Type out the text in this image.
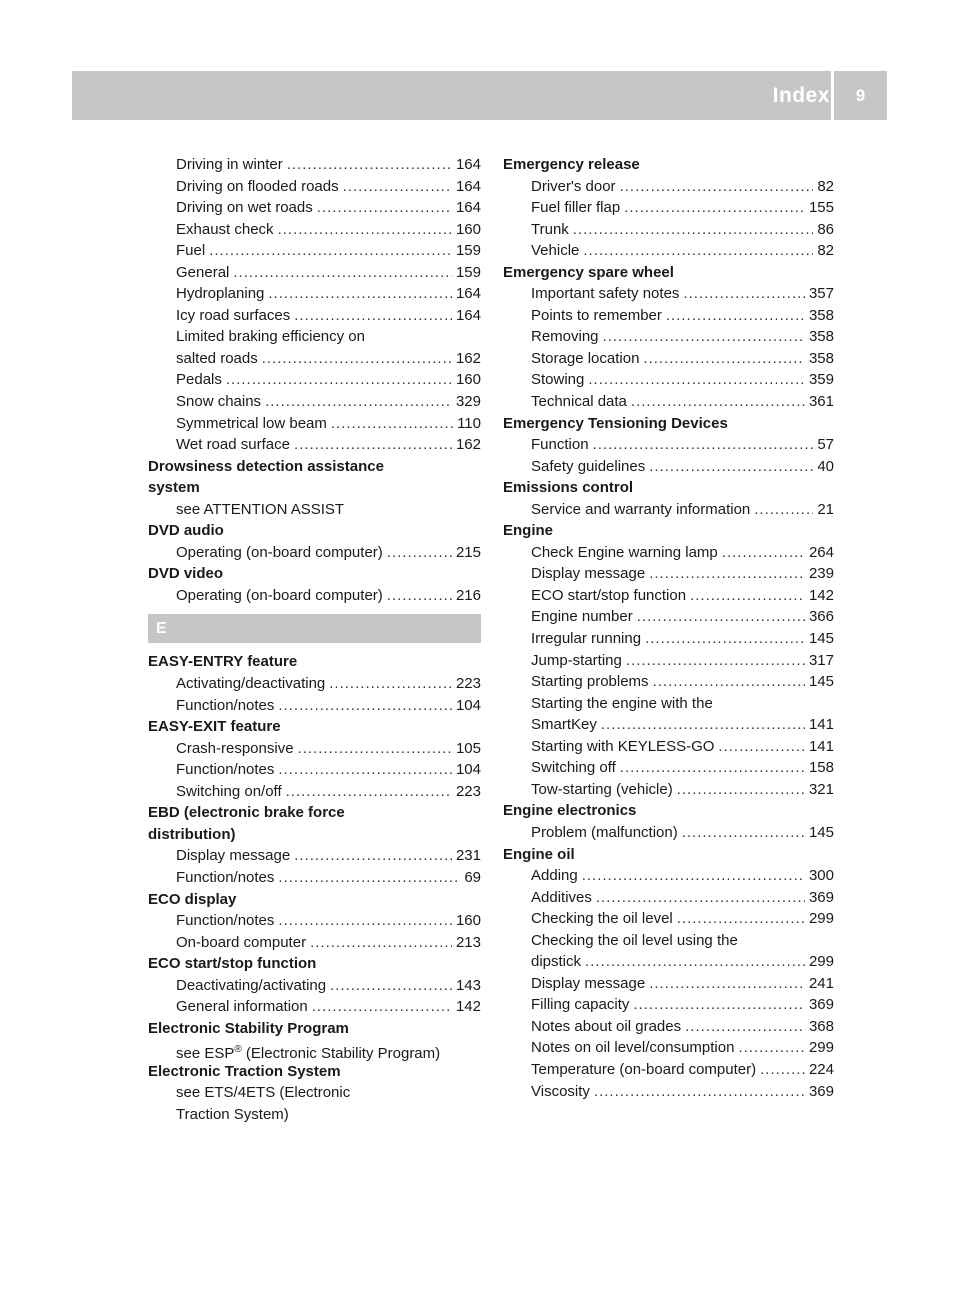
Index	9
Driving in winter .....	164
Driving on flooded roads .....	164
Driving on wet roads .....	164
Exhaust check .....	160
Fuel .....	159
General .....	159
Hydroplaning .....	164
Icy road surfaces .....	164
Limited braking efficiency on
salted roads .....	162
Pedals .....	160
Snow chains .....	329
Symmetrical low beam .....	110
Wet road surface .....	162
Drowsiness detection assistance
system
see ATTENTION ASSIST
DVD audio
Operating (on-board computer) .....	215
DVD video
Operating (on-board computer) .....	216
E
EASY-ENTRY feature
Activating/deactivating .....	223
Function/notes .....	104
EASY-EXIT feature
Crash-responsive .....	105
Function/notes .....	104
Switching on/off .....	223
EBD (electronic brake force
distribution)
Display message .....	231
Function/notes .....	69
ECO display
Function/notes .....	160
On-board computer .....	213
ECO start/stop function
Deactivating/activating .....	143
General information .....	142
Electronic Stability Program
see ESP® (Electronic Stability Program)
Electronic Traction System
see ETS/4ETS (Electronic
Traction System)
Emergency release
Driver's door .....	82
Fuel filler flap .....	155
Trunk .....	86
Vehicle .....	82
Emergency spare wheel
Important safety notes .....	357
Points to remember .....	358
Removing .....	358
Storage location .....	358
Stowing .....	359
Technical data .....	361
Emergency Tensioning Devices
Function .....	57
Safety guidelines .....	40
Emissions control
Service and warranty information .....	21
Engine
Check Engine warning lamp .....	264
Display message .....	239
ECO start/stop function .....	142
Engine number .....	366
Irregular running .....	145
Jump-starting .....	317
Starting problems .....	145
Starting the engine with the
SmartKey .....	141
Starting with KEYLESS-GO .....	141
Switching off .....	158
Tow-starting (vehicle) .....	321
Engine electronics
Problem (malfunction) .....	145
Engine oil
Adding .....	300
Additives .....	369
Checking the oil level .....	299
Checking the oil level using the
dipstick .....	299
Display message .....	241
Filling capacity .....	369
Notes about oil grades .....	368
Notes on oil level/consumption .....	299
Temperature (on-board computer) .....	224
Viscosity .....	369
